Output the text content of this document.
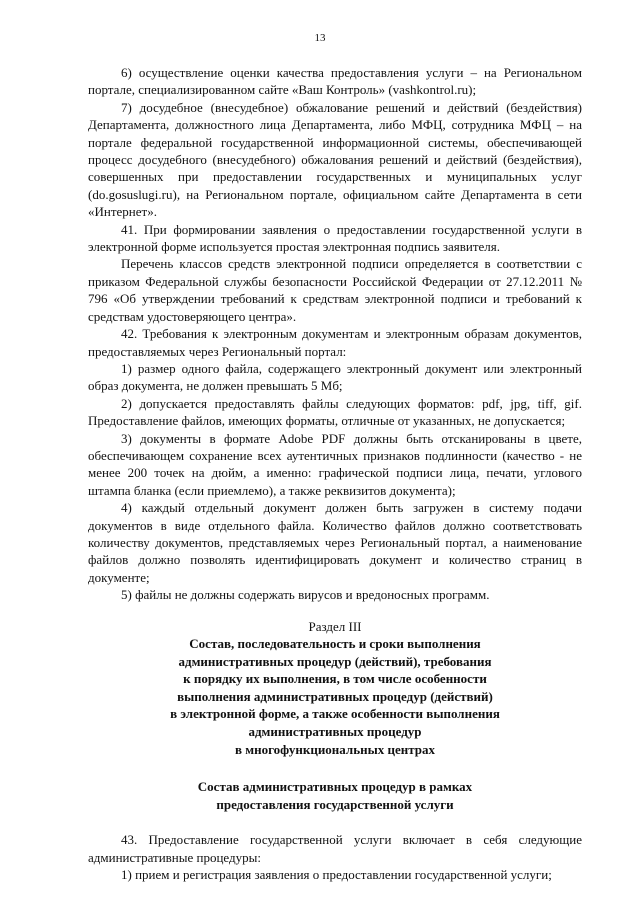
13

6) осуществление оценки качества предоставления услуги – на Региональном портале, специализированном сайте «Ваш Контроль» (vashkontrol.ru);

7) досудебное (внесудебное) обжалование решений и действий (бездействия) Департамента, должностного лица Департамента, либо МФЦ, сотрудника МФЦ – на портале федеральной государственной информационной системы, обеспечивающей процесс досудебного (внесудебного) обжалования решений и действий (бездействия), совершенных при предоставлении государственных и муниципальных услуг (do.gosuslugi.ru), на Региональном портале, официальном сайте Департамента в сети «Интернет».

41. При формировании заявления о предоставлении государственной услуги в электронной форме используется простая электронная подпись заявителя.

Перечень классов средств электронной подписи определяется в соответствии с приказом Федеральной службы безопасности Российской Федерации от 27.12.2011 № 796 «Об утверждении требований к средствам электронной подписи и требований к средствам удостоверяющего центра».

42. Требования к электронным документам и электронным образам документов, предоставляемых через Региональный портал:

1) размер одного файла, содержащего электронный документ или электронный образ документа, не должен превышать 5 Мб;

2) допускается предоставлять файлы следующих форматов: pdf, jpg, tiff, gif. Предоставление файлов, имеющих форматы, отличные от указанных, не допускается;

3) документы в формате Adobe PDF должны быть отсканированы в цвете, обеспечивающем сохранение всех аутентичных признаков подлинности (качество - не менее 200 точек на дюйм, а именно: графической подписи лица, печати, углового штампа бланка (если приемлемо), а также реквизитов документа);

4) каждый отдельный документ должен быть загружен в систему подачи документов в виде отдельного файла. Количество файлов должно соответствовать количеству документов, представляемых через Региональный портал, а наименование файлов должно позволять идентифицировать документ и количество страниц в документе;

5) файлы не должны содержать вирусов и вредоносных программ.

Раздел III
Состав, последовательность и сроки выполнения
административных процедур (действий), требования
к порядку их выполнения, в том числе особенности
выполнения административных процедур (действий)
в электронной форме, а также особенности выполнения
административных процедур
в многофункциональных центрах
Состав административных процедур в рамках
предоставления государственной услуги

43. Предоставление государственной услуги включает в себя следующие административные процедуры:

1) прием и регистрация заявления о предоставлении государственной услуги;
